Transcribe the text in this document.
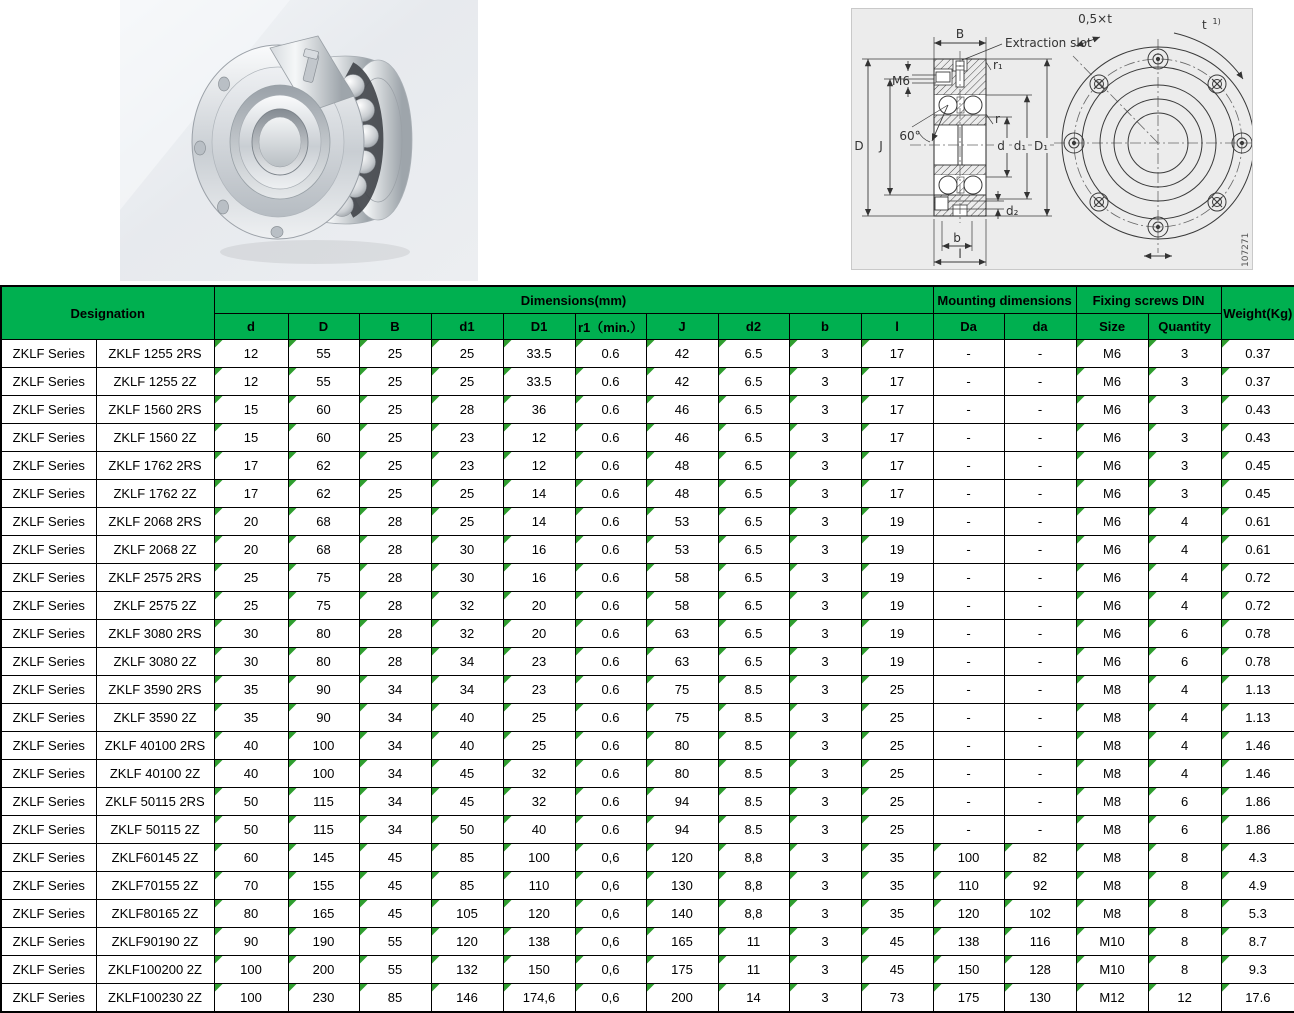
B
Extraction slot
r₁
r
M6
60°
D J	d d₁ D₁
d₂
b
l
0,5×t	t $^{1)}$
107271
Designation		Dimensions(mm)										Mounting dimensions		Fixing screws DIN		Weight(Kg)
		d	D	B	d1	D1	r1（min.）	J	d2	b	l	Da	da	Size	Quantity	
ZKLF Series	ZKLF 1255 2RS	12	55	25	25	33.5	0.6	42	6.5	3	17	-	-	M6	3	0.37
ZKLF Series	ZKLF 1255 2Z	12	55	25	25	33.5	0.6	42	6.5	3	17	-	-	M6	3	0.37
ZKLF Series	ZKLF 1560 2RS	15	60	25	28	36	0.6	46	6.5	3	17	-	-	M6	3	0.43
ZKLF Series	ZKLF 1560 2Z	15	60	25	23	12	0.6	46	6.5	3	17	-	-	M6	3	0.43
ZKLF Series	ZKLF 1762 2RS	17	62	25	23	12	0.6	48	6.5	3	17	-	-	M6	3	0.45
ZKLF Series	ZKLF 1762 2Z	17	62	25	25	14	0.6	48	6.5	3	17	-	-	M6	3	0.45
ZKLF Series	ZKLF 2068 2RS	20	68	28	25	14	0.6	53	6.5	3	19	-	-	M6	4	0.61
ZKLF Series	ZKLF 2068 2Z	20	68	28	30	16	0.6	53	6.5	3	19	-	-	M6	4	0.61
ZKLF Series	ZKLF 2575 2RS	25	75	28	30	16	0.6	58	6.5	3	19	-	-	M6	4	0.72
ZKLF Series	ZKLF 2575 2Z	25	75	28	32	20	0.6	58	6.5	3	19	-	-	M6	4	0.72
ZKLF Series	ZKLF 3080 2RS	30	80	28	32	20	0.6	63	6.5	3	19	-	-	M6	6	0.78
ZKLF Series	ZKLF 3080 2Z	30	80	28	34	23	0.6	63	6.5	3	19	-	-	M6	6	0.78
ZKLF Series	ZKLF 3590 2RS	35	90	34	34	23	0.6	75	8.5	3	25	-	-	M8	4	1.13
ZKLF Series	ZKLF 3590 2Z	35	90	34	40	25	0.6	75	8.5	3	25	-	-	M8	4	1.13
ZKLF Series	ZKLF 40100 2RS	40	100	34	40	25	0.6	80	8.5	3	25	-	-	M8	4	1.46
ZKLF Series	ZKLF 40100 2Z	40	100	34	45	32	0.6	80	8.5	3	25	-	-	M8	4	1.46
ZKLF Series	ZKLF 50115 2RS	50	115	34	45	32	0.6	94	8.5	3	25	-	-	M8	6	1.86
ZKLF Series	ZKLF 50115 2Z	50	115	34	50	40	0.6	94	8.5	3	25	-	-	M8	6	1.86
ZKLF Series	ZKLF60145 2Z	60	145	45	85	100	0,6	120	8,8	3	35	100	82	M8	8	4.3
ZKLF Series	ZKLF70155 2Z	70	155	45	85	110	0,6	130	8,8	3	35	110	92	M8	8	4.9
ZKLF Series	ZKLF80165 2Z	80	165	45	105	120	0,6	140	8,8	3	35	120	102	M8	8	5.3
ZKLF Series	ZKLF90190 2Z	90	190	55	120	138	0,6	165	11	3	45	138	116	M10	8	8.7
ZKLF Series	ZKLF100200 2Z	100	200	55	132	150	0,6	175	11	3	45	150	128	M10	8	9.3
ZKLF Series	ZKLF100230 2Z	100	230	85	146	174,6	0,6	200	14	3	73	175	130	M12	12	17.6
